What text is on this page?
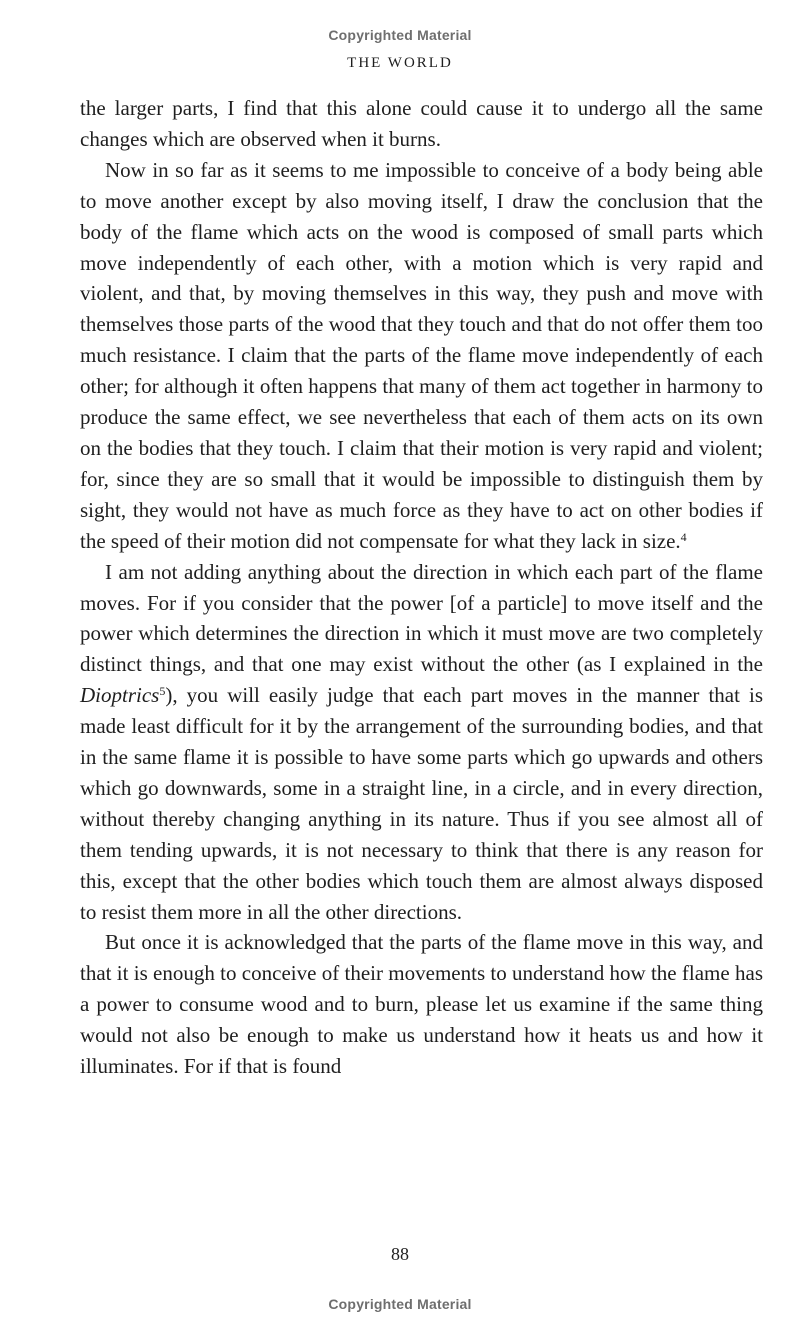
Copyrighted Material
THE WORLD

the larger parts, I find that this alone could cause it to undergo all the same changes which are observed when it burns.

Now in so far as it seems to me impossible to conceive of a body being able to move another except by also moving itself, I draw the conclusion that the body of the flame which acts on the wood is composed of small parts which move independently of each other, with a motion which is very rapid and violent, and that, by moving themselves in this way, they push and move with themselves those parts of the wood that they touch and that do not offer them too much resistance. I claim that the parts of the flame move independently of each other; for although it often happens that many of them act together in harmony to produce the same effect, we see nevertheless that each of them acts on its own on the bodies that they touch. I claim that their motion is very rapid and violent; for, since they are so small that it would be impossible to distinguish them by sight, they would not have as much force as they have to act on other bodies if the speed of their motion did not compensate for what they lack in size.$^4$

I am not adding anything about the direction in which each part of the flame moves. For if you consider that the power [of a particle] to move itself and the power which determines the direction in which it must move are two completely distinct things, and that one may exist without the other (as I explained in the Dioptrics$^5$), you will easily judge that each part moves in the manner that is made least difficult for it by the arrangement of the surrounding bodies, and that in the same flame it is possible to have some parts which go upwards and others which go downwards, some in a straight line, in a circle, and in every direction, without thereby changing anything in its nature. Thus if you see almost all of them tending upwards, it is not necessary to think that there is any reason for this, except that the other bodies which touch them are almost always disposed to resist them more in all the other directions.

But once it is acknowledged that the parts of the flame move in this way, and that it is enough to conceive of their movements to understand how the flame has a power to consume wood and to burn, please let us examine if the same thing would not also be enough to make us understand how it heats us and how it illuminates. For if that is found

88
Copyrighted Material
